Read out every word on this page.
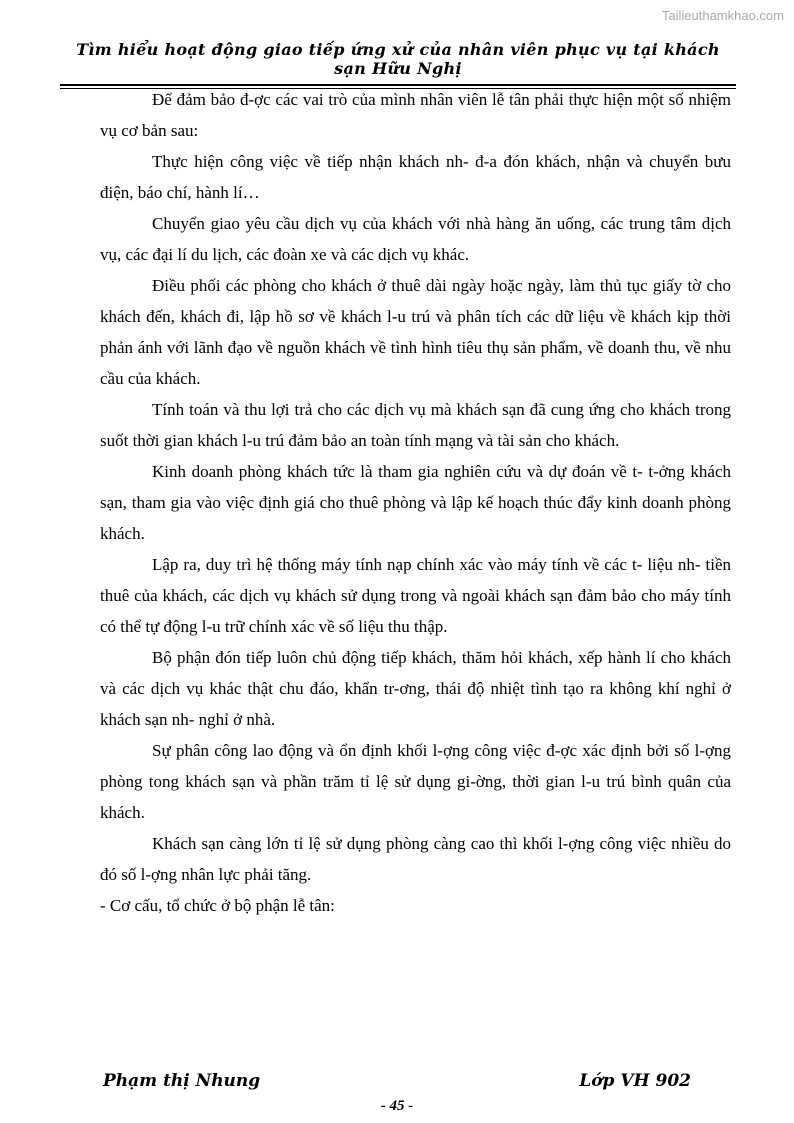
Tailieuthamkhao.com
Tìm hiểu hoạt động giao tiếp ứng xử của nhân viên phục vụ tại khách sạn Hữu Nghị

Để đảm bảo đ-ợc các vai trò của mình nhân viên lễ tân phải thực hiện một số nhiệm vụ cơ bản sau:

Thực hiện công việc về tiếp nhận khách nh- đ-a đón khách, nhận và chuyển bưu điện, báo chí, hành lí…

Chuyển giao yêu cầu dịch vụ của khách với nhà hàng ăn uống, các trung tâm dịch vụ, các đại lí du lịch, các đoàn xe và các dịch vụ khác.

Điều phối các phòng cho khách ở thuê dài ngày hoặc ngày, làm thủ tục giấy tờ cho khách đến, khách đi, lập hồ sơ về khách l-u trú và phân tích các dữ liệu về khách kịp thời phản ánh với lãnh đạo về nguồn khách về tình hình tiêu thụ sản phẩm, về doanh thu, về nhu cầu của khách.

Tính toán và thu lợi trả cho các dịch vụ mà khách sạn đã cung ứng cho khách trong suốt thời gian khách l-u trú đảm bảo an toàn tính mạng và tài sản cho khách.

Kinh doanh phòng khách tức là tham gia nghiên cứu và dự đoán về t- t-ởng khách sạn, tham gia vào việc định giá cho thuê phòng và lập kế hoạch thúc đẩy kinh doanh phòng khách.

Lập ra, duy trì hệ thống máy tính nạp chính xác vào máy tính về các t- liệu nh- tiền thuê của khách, các dịch vụ khách sử dụng trong và ngoài khách sạn đảm bảo cho máy tính có thể tự động l-u trữ chính xác về số liệu thu thập.

Bộ phận đón tiếp luôn chủ động tiếp khách, thăm hỏi khách, xếp hành lí cho khách và các dịch vụ khác thật chu đáo, khẩn tr-ơng, thái độ nhiệt tình tạo ra không khí nghỉ ở khách sạn nh- nghỉ ở nhà.

Sự phân công lao động và ổn định khối l-ợng công việc đ-ợc xác định bởi số l-ợng phòng tong khách sạn và phần trăm tỉ lệ sử dụng gi-ờng, thời gian l-u trú bình quân của khách.

Khách sạn càng lớn tỉ lệ sử dụng phòng càng cao thì khối l-ợng công việc nhiều do đó số l-ợng nhân lực phải tăng.

- Cơ cấu, tổ chức ở bộ phận lễ tân:

Phạm thị Nhung	Lớp VH 902
- 45 -
